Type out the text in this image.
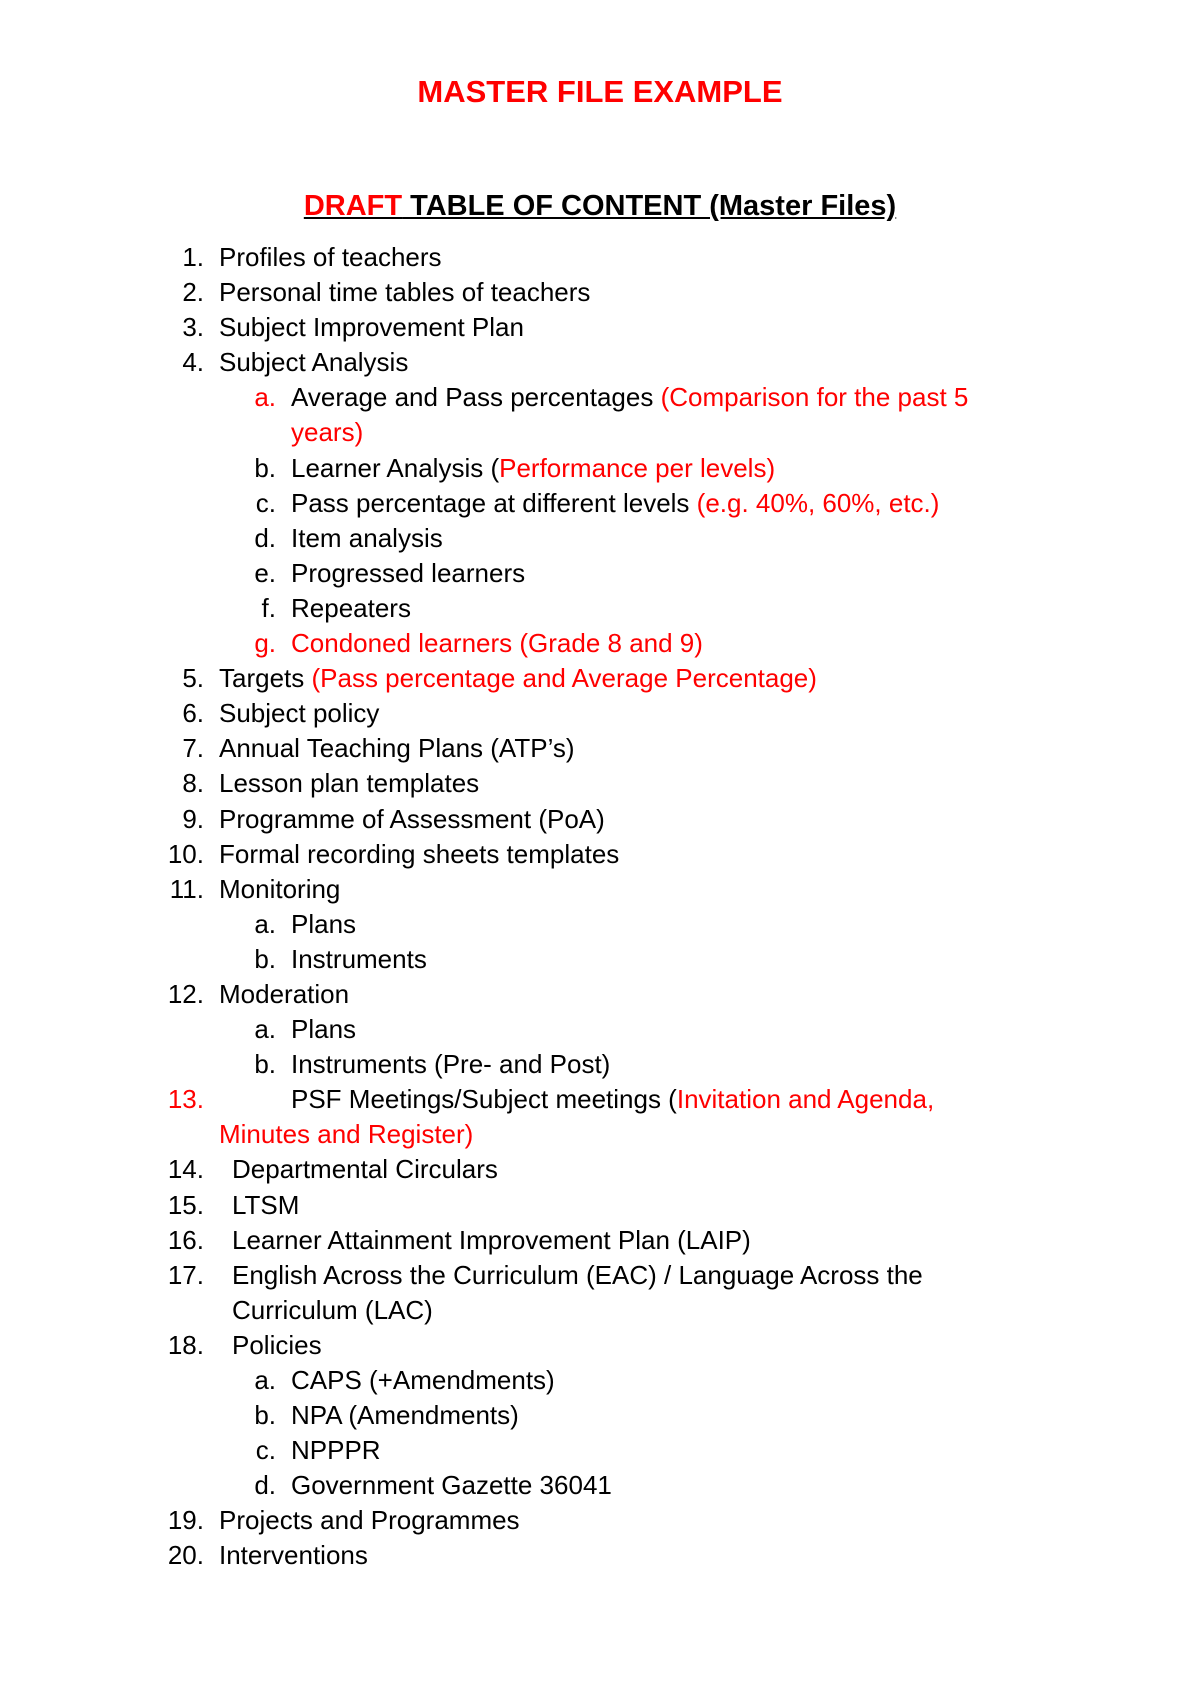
MASTER FILE EXAMPLE
DRAFT TABLE OF CONTENT (Master Files)
1. Profiles of teachers
2. Personal time tables of teachers
3. Subject Improvement Plan
4. Subject Analysis
a. Average and Pass percentages (Comparison for the past 5
years)
b. Learner Analysis (Performance per levels)
c. Pass percentage at different levels (e.g. 40%, 60%, etc.)
d. Item analysis
e. Progressed learners
f. Repeaters
g. Condoned learners (Grade 8 and 9)
5. Targets (Pass percentage and Average Percentage)
6. Subject policy
7. Annual Teaching Plans (ATP’s)
8. Lesson plan templates
9. Programme of Assessment (PoA)
10. Formal recording sheets templates
11. Monitoring
a. Plans
b. Instruments
12. Moderation
a. Plans
b. Instruments (Pre- and Post)
13.	PSF Meetings/Subject meetings (Invitation and Agenda,
Minutes and Register)
14. Departmental Circulars
15. LTSM
16. Learner Attainment Improvement Plan (LAIP)
17. English Across the Curriculum (EAC) / Language Across the
Curriculum (LAC)
18. Policies
a. CAPS (+Amendments)
b. NPA (Amendments)
c. NPPPR
d. Government Gazette 36041
19. Projects and Programmes
20. Interventions
